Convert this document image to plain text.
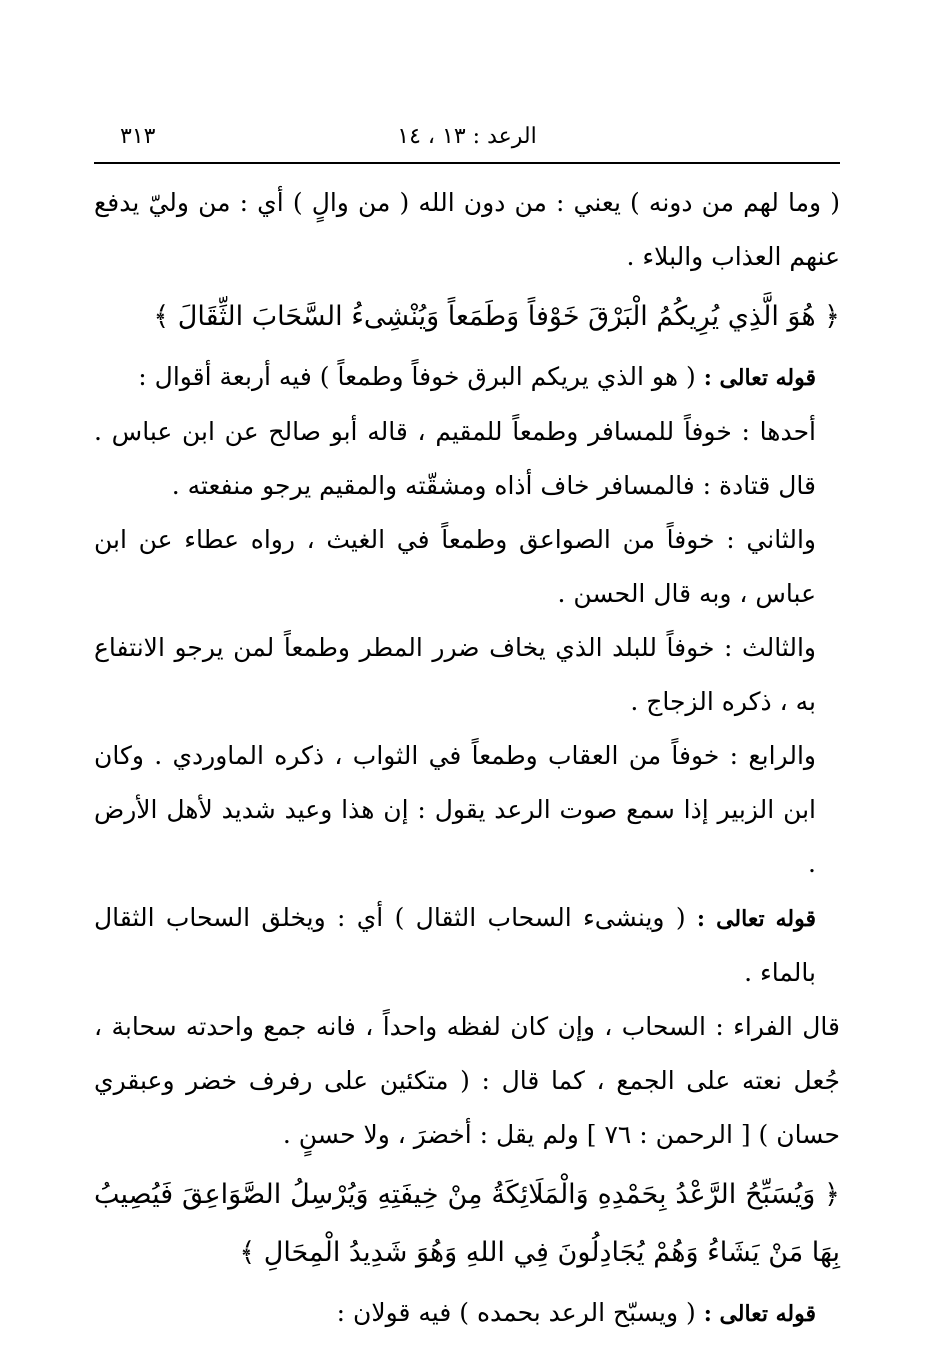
الرعد : ١٣ ، ١٤
٣١٣

( وما لهم من دونه ) يعني : من دون الله ( من والٍ ) أي : من وليّ يدفع عنهم العذاب والبلاء .

﴿ هُوَ الَّذِي يُرِيكُمُ الْبَرْقَ خَوْفاً وَطَمَعاً وَيُنْشِىءُ السَّحَابَ الثِّقَالَ ﴾

قوله تعالى : ( هو الذي يريكم البرق خوفاً وطمعاً ) فيه أربعة أقوال :

أحدها : خوفاً للمسافر وطمعاً للمقيم ، قاله أبو صالح عن ابن عباس . قال قتادة : فالمسافر خاف أذاه ومشقّته والمقيم يرجو منفعته .

والثاني : خوفاً من الصواعق وطمعاً في الغيث ، رواه عطاء عن ابن عباس ، وبه قال الحسن .

والثالث : خوفاً للبلد الذي يخاف ضرر المطر وطمعاً لمن يرجو الانتفاع به ، ذكره الزجاج .

والرابع : خوفاً من العقاب وطمعاً في الثواب ، ذكره الماوردي . وكان ابن الزبير إذا سمع صوت الرعد يقول : إن هذا وعيد شديد لأهل الأرض .

قوله تعالى : ( وينشىء السحاب الثقال ) أي : ويخلق السحاب الثقال بالماء .

قال الفراء : السحاب ، وإن كان لفظه واحداً ، فانه جمع واحدته سحابة ، جُعل نعته على الجمع ، كما قال : ( متكئين على رفرف خضر وعبقري حسان ) [ الرحمن : ٧٦ ] ولم يقل : أخضرَ ، ولا حسنٍ .

﴿ وَيُسَبِّحُ الرَّعْدُ بِحَمْدِهِ وَالْمَلَائِكَةُ مِنْ خِيفَتِهِ وَيُرْسِلُ الصَّوَاعِقَ فَيُصِيبُ بِهَا مَنْ يَشَاءُ وَهُمْ يُجَادِلُونَ فِي اللهِ وَهُوَ شَدِيدُ الْمِحَالِ ﴾

قوله تعالى : ( ويسبّح الرعد بحمده ) فيه قولان :
